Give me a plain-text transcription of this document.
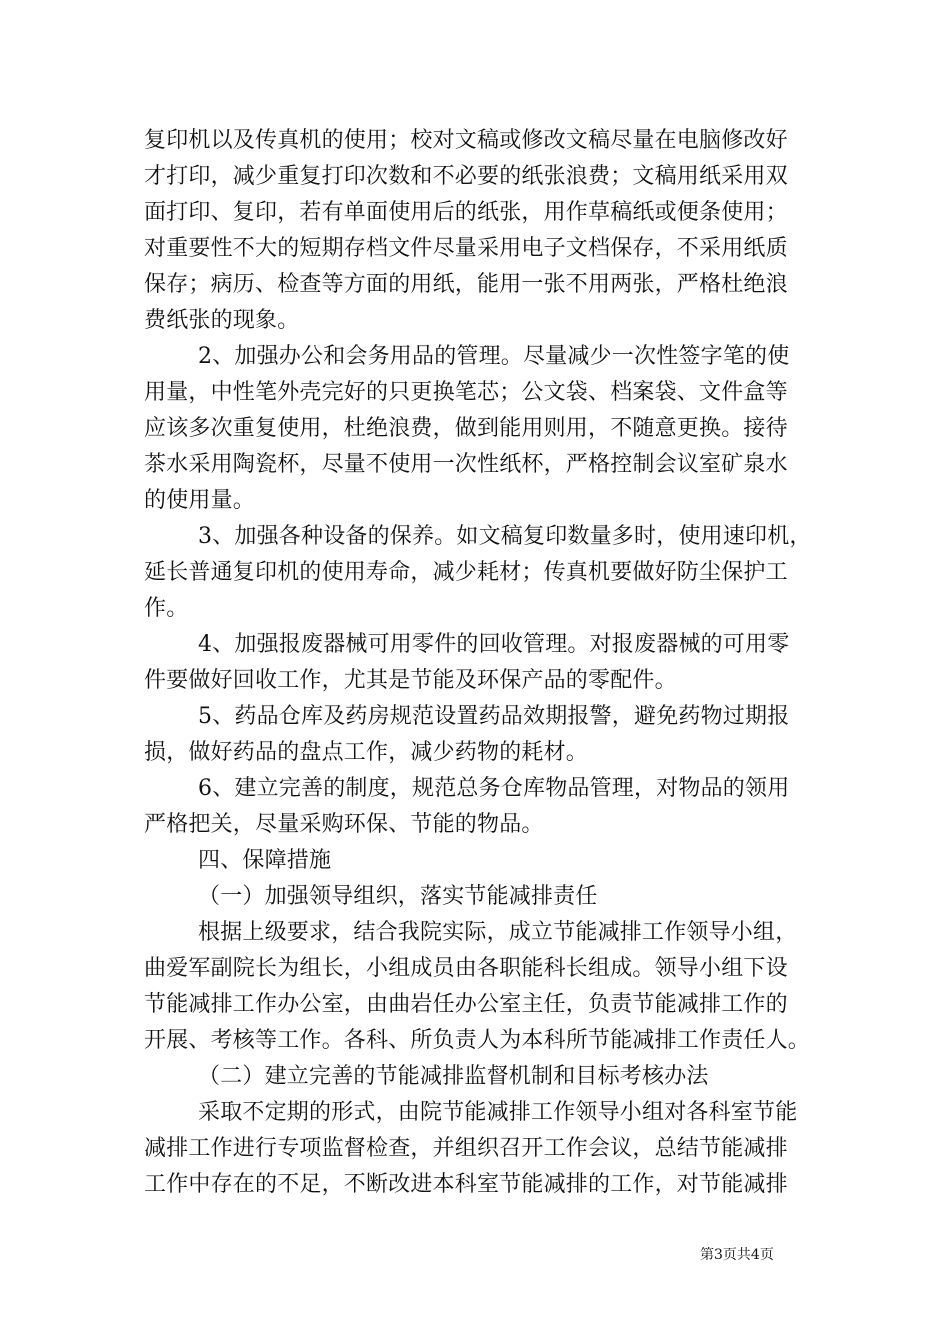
复印机以及传真机的使用；校对文稿或修改文稿尽量在电脑修改好
才打印，减少重复打印次数和不必要的纸张浪费；文稿用纸采用双
面打印、复印，若有单面使用后的纸张，用作草稿纸或便条使用；
对重要性不大的短期存档文件尽量采用电子文档保存，不采用纸质
保存；病历、检查等方面的用纸，能用一张不用两张，严格杜绝浪
费纸张的现象。
2、加强办公和会务用品的管理。尽量减少一次性签字笔的使
用量，中性笔外壳完好的只更换笔芯；公文袋、档案袋、文件盒等
应该多次重复使用，杜绝浪费，做到能用则用，不随意更换。接待
茶水采用陶瓷杯，尽量不使用一次性纸杯，严格控制会议室矿泉水
的使用量。
3、加强各种设备的保养。如文稿复印数量多时，使用速印机，
延长普通复印机的使用寿命，减少耗材；传真机要做好防尘保护工
作。
4、加强报废器械可用零件的回收管理。对报废器械的可用零
件要做好回收工作，尤其是节能及环保产品的零配件。
5、药品仓库及药房规范设置药品效期报警，避免药物过期报
损，做好药品的盘点工作，减少药物的耗材。
6、建立完善的制度，规范总务仓库物品管理，对物品的领用
严格把关，尽量采购环保、节能的物品。
四、保障措施
（一）加强领导组织，落实节能减排责任
根据上级要求，结合我院实际，成立节能减排工作领导小组，
曲爱军副院长为组长，小组成员由各职能科长组成。领导小组下设
节能减排工作办公室，由曲岩任办公室主任，负责节能减排工作的
开展、考核等工作。各科、所负责人为本科所节能减排工作责任人。
（二）建立完善的节能减排监督机制和目标考核办法
采取不定期的形式，由院节能减排工作领导小组对各科室节能
减排工作进行专项监督检查，并组织召开工作会议，总结节能减排
工作中存在的不足，不断改进本科室节能减排的工作，对节能减排
第3页共4页
